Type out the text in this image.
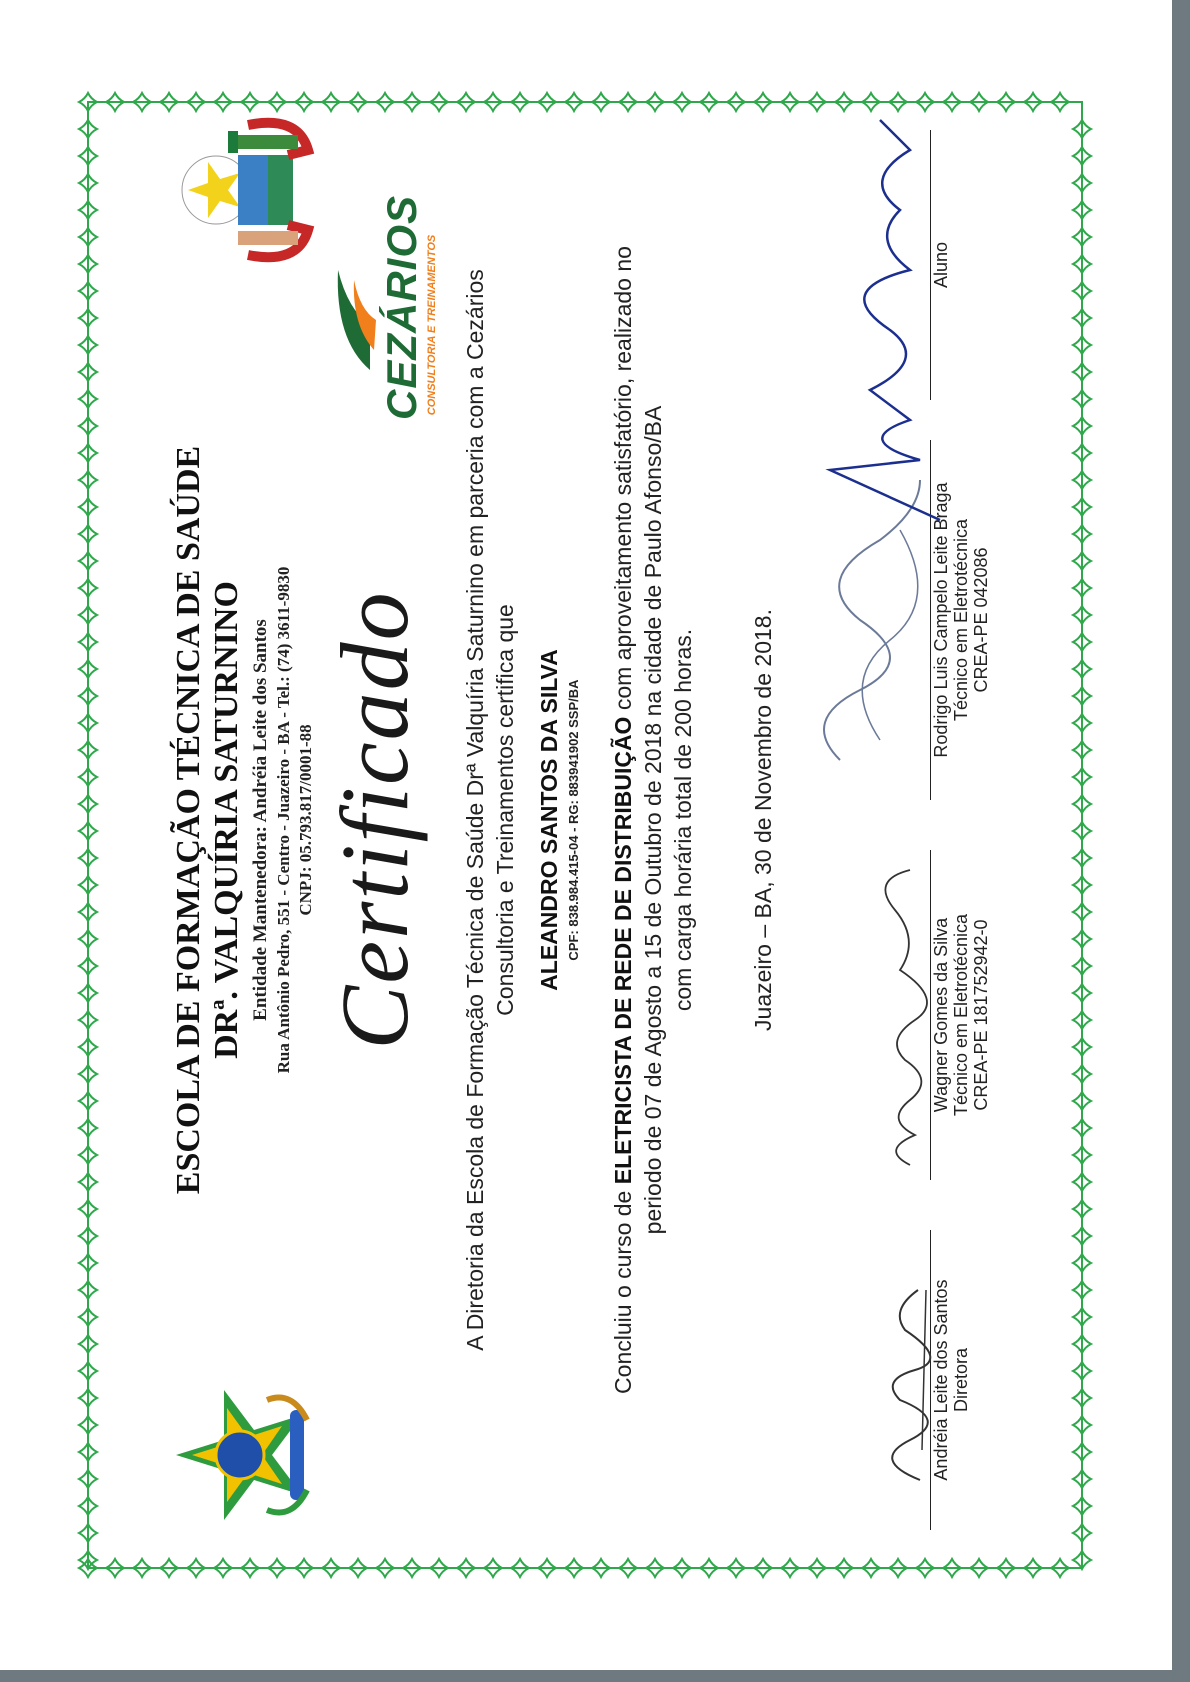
CEZÁRIOS CONSULTORIA E TREINAMENTOS
ESCOLA DE FORMAÇÃO TÉCNICA DE SAÚDE DRª. VALQUÍRIA SATURNINO Entidade Mantenedora: Andréia Leite dos Santos Rua Antônio Pedro, 551 - Centro - Juazeiro - BA - Tel.: (74) 3611-9830 CNPJ: 05.793.817/0001-88 Certificado A Diretoria da Escola de Formação Técnica de Saúde Drª Valquíria Saturnino em parceria com a Cezários Consultoria e Treinamentos certifica que ALEANDRO SANTOS DA SILVA CPF: 838.984.415-04 - RG: 88394190​2 SSP/BA
Concluiu o curso de ELETRICISTA DE REDE DE DISTRIBUIÇÃO com aproveitamento satisfatório, realizado no periodo de 07 de Agosto a 15 de Outubro de 2018 na cidade de Paulo Afonso/BA com carga horária total de 200 horas. Juazeiro – BA, 30 de Novembro de 2018.
Andréia Leite dos Santos Diretora
Wagner Gomes da Silva Técnico em Eletrotécnica CREA-PE 181752942-0
Rodrigo Luis Campelo Leite Braga Técnico em Eletrotécnica CREA-PE 042086
Aluno
